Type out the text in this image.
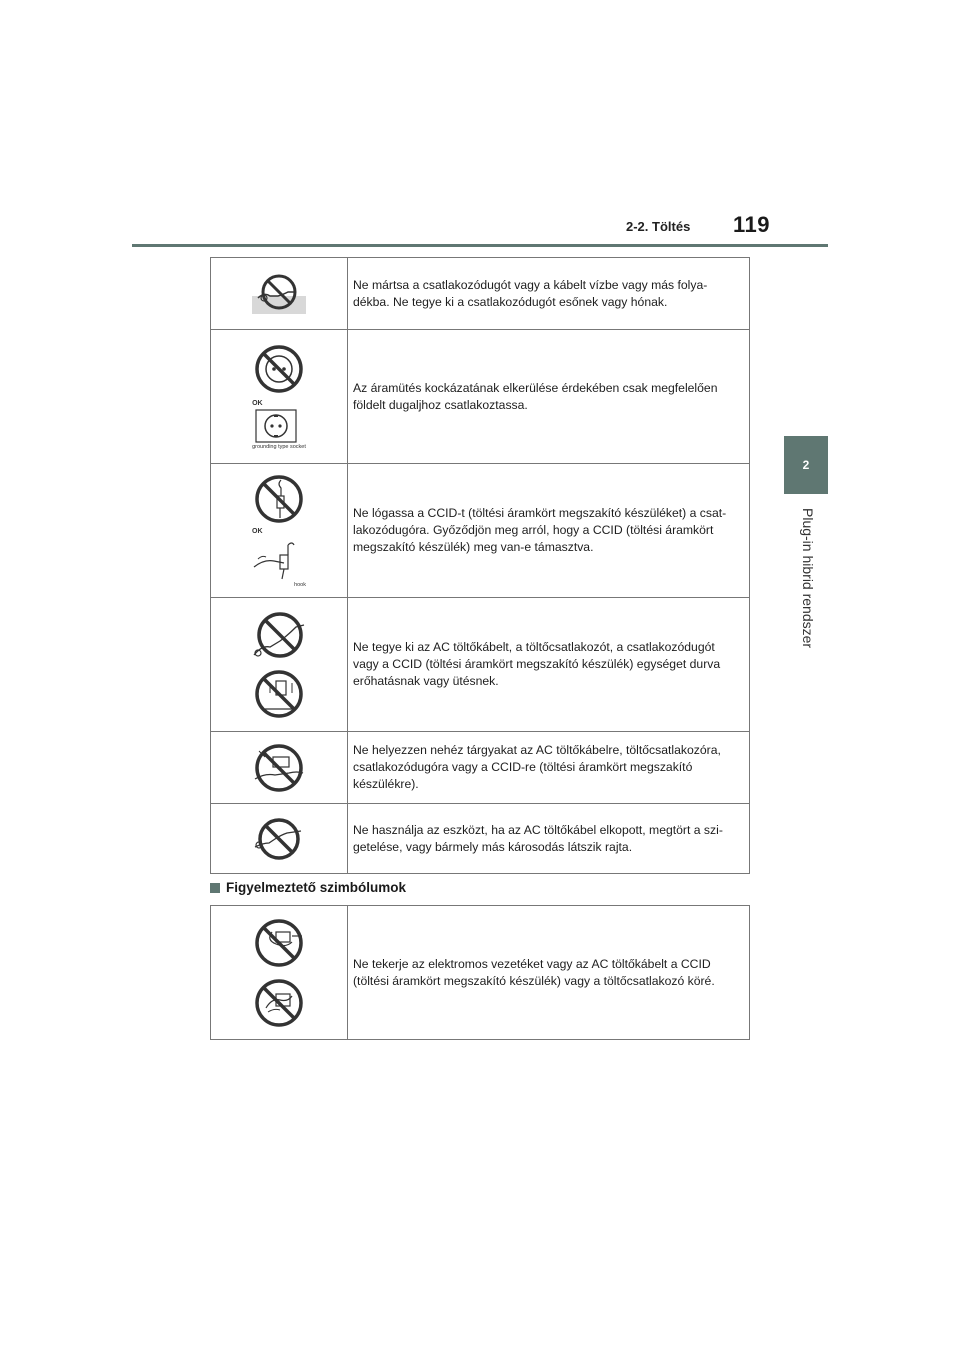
2-2. Töltés 119
2
Plug-in hibrid rendszer
	Ne mártsa a csatlakozódugót vagy a kábelt vízbe vagy más folya-dékba. Ne tegye ki a csatlakozódugót esőnek vagy hónak.

OK
grounding type socket	Az áramütés kockázatának elkerülése érdekében csak megfelelően földelt dugaljhoz csatlakoztassa.

OK
hook	Ne lógassa a CCID-t (töltési áramkört megszakító készüléket) a csat-lakozódugóra. Győződjön meg arról, hogy a CCID (töltési áramkört megszakító készülék) meg van-e támasztva.

	Ne tegye ki az AC töltőkábelt, a töltőcsatlakozót, a csatlakozódugót vagy a CCID (töltési áramkört megszakító készülék) egységet durva erőhatásnak vagy ütésnek.

	Ne helyezzen nehéz tárgyakat az AC töltőkábelre, töltőcsatlakozóra, csatlakozódugóra vagy a CCID-re (töltési áramkört megszakító készülékre).

	Ne használja az eszközt, ha az AC töltőkábel elkopott, megtört a szi-getelése, vagy bármely más károsodás látszik rajta.
Figyelmeztető szimbólumok
	Ne tekerje az elektromos vezetéket vagy az AC töltőkábelt a CCID (töltési áramkört megszakító készülék) vagy a töltőcsatlakozó köré.
